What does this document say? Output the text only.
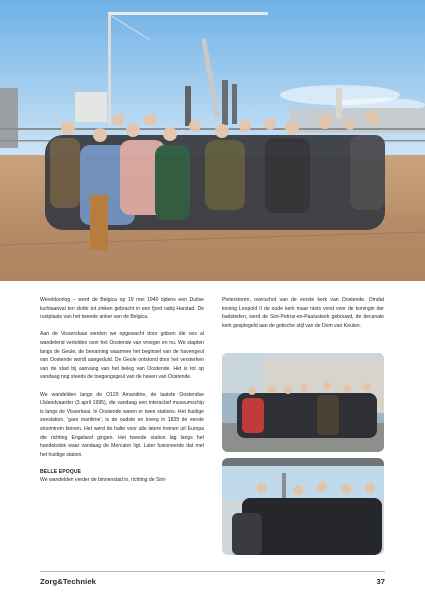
Wereldoorlog – werd de Belgica op 19 mei 1940 tijdens een Duitse luchtaanval ten slotte tot zinken gebracht in een fjord nabij Harstad. De rustplaats van het tweede anker van de Belgica.

Aan de Visserskaai werden we opgewacht door gidsen die ons al wandelend vertelden over het Oostende van vroeger en nu. We stapten langs de Geule, de benaming waarmee het beginsel van de havengeul van Oostende wordt aangeduid. De Geule ontstond door het versterken van de stad bij aanvang van het beleg van Oostende. Het is tot op vandaag nog steeds de toegangsgeul van de haven van Oostende.

We wandelden langs de O129 Amandine, de laatste Oostendse IJslandvaarder (3 april 1995), die vandaag een interactief museumschip is langs de Visserkaai. In Oostende waren er twee stations. Het huidige zeestation, 'gare maritime', is de oudste en kreeg in 1839 de eerste stoomtrein binnen. Het werd de halte voor alle latere treinen uit Europa die richting Engeland gingen. Het tweede station lag langs het handelsdok waar vandaag de Mercator ligt. Later fusioneerde dat met het huidige station.

BELLE EPOQUE
We wandelden verder de binnenstad in, richting de Sint-

Pieterstoren, overschot van de eerste kerk van Oostende. Omdat koning Leopold II de oude kerk maar niets vond voor de koningin der badsteden, werd de Sint-Petrus-en-Pauluskerk gebouwd, de decanale kerk gesplegeld aan de gotische stijl van de Dom van Keulen.

Zorg&Techniek	37
